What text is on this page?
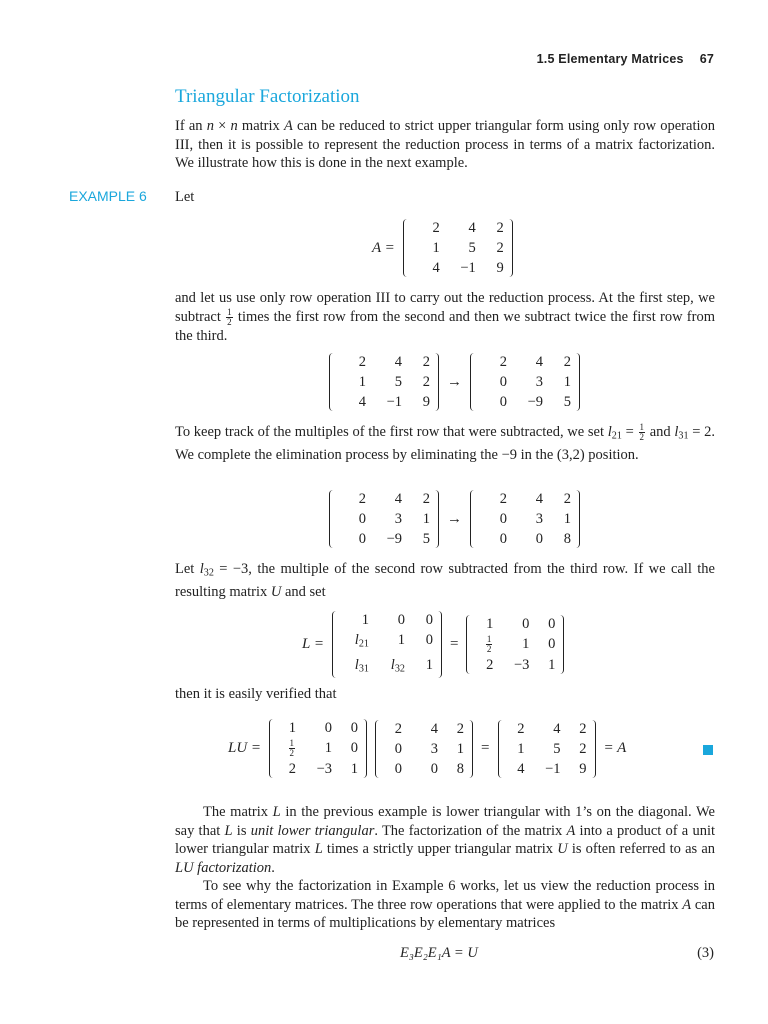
1.5 Elementary Matrices 67
Triangular Factorization
If an n × n matrix A can be reduced to strict upper triangular form using only row operation III, then it is possible to represent the reduction process in terms of a matrix factorization. We illustrate how this is done in the next example.
EXAMPLE 6 Let
A =
2	4	2
1	5	2
4	−1	9
and let us use only row operation III to carry out the reduction process. At the first step, we subtract $\frac{1}{2}$ times the first row from the second and then we subtract twice the first row from the third.
2	4	2
1	5	2
4	−1	9
→
2	4	2
0	3	1
0	−9	5
To keep track of the multiples of the first row that were subtracted, we set $l_{21} = \frac{1}{2}$ and $l_{31} = 2$. We complete the elimination process by eliminating the −9 in the (3,2) position.
2	4	2
0	3	1
0	−9	5
→
2	4	2
0	3	1
0	0	8
Let $l_{32} = -3$, the multiple of the second row subtracted from the third row. If we call the resulting matrix U and set
L =
1	0	0
$l_{21}$	1	0
$l_{31}$	$l_{32}$	1
=
1	0	0
$\frac{1}{2}$	1	0
2	−3	1
then it is easily verified that
LU =
1	0	0
$\frac{1}{2}$	1	0
2	−3	1
2	4	2
0	3	1
0	0	8
=
2	4	2
1	5	2
4	−1	9
= A
The matrix L in the previous example is lower triangular with 1’s on the diagonal. We say that L is unit lower triangular. The factorization of the matrix A into a product of a unit lower triangular matrix L times a strictly upper triangular matrix U is often referred to as an LU factorization.
To see why the factorization in Example 6 works, let us view the reduction process in terms of elementary matrices. The three row operations that were applied to the matrix A can be represented in terms of multiplications by elementary matrices
E₃E₂E₁A = U	(3)
